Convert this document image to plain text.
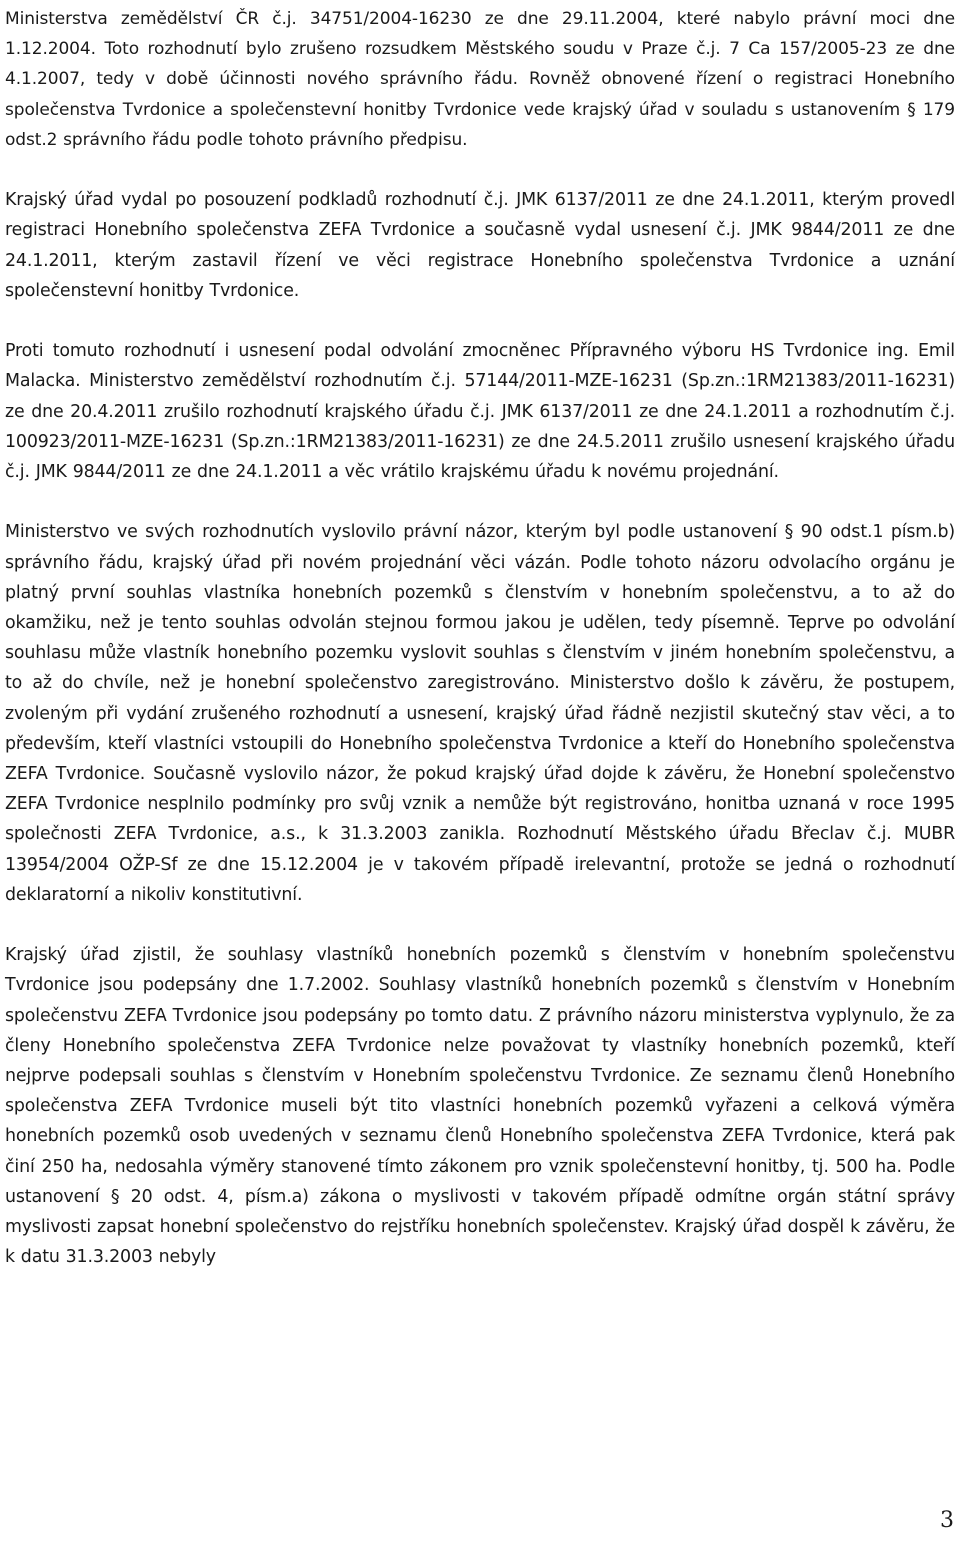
Ministerstva zemědělství ČR č.j. 34751/2004-16230 ze dne 29.11.2004, které nabylo právní moci dne 1.12.2004. Toto rozhodnutí bylo zrušeno rozsudkem Městského soudu v Praze č.j. 7 Ca 157/2005-23 ze dne 4.1.2007, tedy v době účinnosti nového správního řádu. Rovněž obnovené řízení o registraci Honebního společenstva Tvrdonice a společenstevní honitby Tvrdonice vede krajský úřad v souladu s ustanovením § 179 odst.2 správního řádu podle tohoto právního předpisu.

Krajský úřad vydal po posouzení podkladů rozhodnutí č.j. JMK 6137/2011 ze dne 24.1.2011, kterým provedl registraci Honebního společenstva ZEFA Tvrdonice a současně vydal usnesení č.j. JMK 9844/2011 ze dne 24.1.2011, kterým zastavil řízení ve věci registrace Honebního společenstva Tvrdonice a uznání společenstevní honitby Tvrdonice.

Proti tomuto rozhodnutí i usnesení podal odvolání zmocněnec Přípravného výboru HS Tvrdonice ing. Emil Malacka. Ministerstvo zemědělství rozhodnutím č.j. 57144/2011-MZE-16231 (Sp.zn.:1RM21383/2011-16231) ze dne 20.4.2011 zrušilo rozhodnutí krajského úřadu č.j. JMK 6137/2011 ze dne 24.1.2011 a rozhodnutím č.j. 100923/2011-MZE-16231 (Sp.zn.:1RM21383/2011-16231) ze dne 24.5.2011 zrušilo usnesení krajského úřadu č.j. JMK 9844/2011 ze dne 24.1.2011 a věc vrátilo krajskému úřadu k novému projednání.

Ministerstvo ve svých rozhodnutích vyslovilo právní názor, kterým byl podle ustanovení § 90 odst.1 písm.b) správního řádu, krajský úřad při novém projednání věci vázán. Podle tohoto názoru odvolacího orgánu je platný první souhlas vlastníka honebních pozemků s členstvím v honebním společenstvu, a to až do okamžiku, než je tento souhlas odvolán stejnou formou jakou je udělen, tedy písemně. Teprve po odvolání souhlasu může vlastník honebního pozemku vyslovit souhlas s členstvím v jiném honebním společenstvu, a to až do chvíle, než je honební společenstvo zaregistrováno. Ministerstvo došlo k závěru, že postupem, zvoleným při vydání zrušeného rozhodnutí a usnesení, krajský úřad řádně nezjistil skutečný stav věci, a to především, kteří vlastníci vstoupili do Honebního společenstva Tvrdonice a kteří do Honebního společenstva ZEFA Tvrdonice. Současně vyslovilo názor, že pokud krajský úřad dojde k závěru, že Honební společenstvo ZEFA Tvrdonice nesplnilo podmínky pro svůj vznik a nemůže být registrováno, honitba uznaná v roce 1995 společnosti ZEFA Tvrdonice, a.s., k 31.3.2003 zanikla. Rozhodnutí Městského úřadu Břeclav č.j. MUBR 13954/2004 OŽP-Sf ze dne 15.12.2004 je v takovém případě irelevantní, protože se jedná o rozhodnutí deklaratorní a nikoliv konstitutivní.

Krajský úřad zjistil, že souhlasy vlastníků honebních pozemků s členstvím v honebním společenstvu Tvrdonice jsou podepsány dne 1.7.2002. Souhlasy vlastníků honebních pozemků s členstvím v Honebním společenstvu ZEFA Tvrdonice jsou podepsány po tomto datu. Z právního názoru ministerstva vyplynulo, že za členy Honebního společenstva ZEFA Tvrdonice nelze považovat ty vlastníky honebních pozemků, kteří nejprve podepsali souhlas s členstvím v Honebním společenstvu Tvrdonice. Ze seznamu členů Honebního společenstva ZEFA Tvrdonice museli být tito vlastníci honebních pozemků vyřazeni a celková výměra honebních pozemků osob uvedených v seznamu členů Honebního společenstva ZEFA Tvrdonice, která pak činí 250 ha, nedosahla výměry stanovené tímto zákonem pro vznik společenstevní honitby, tj. 500 ha. Podle ustanovení § 20 odst. 4, písm.a) zákona o myslivosti v takovém případě odmítne orgán státní správy myslivosti zapsat honební společenstvo do rejstříku honebních společenstev. Krajský úřad dospěl k závěru, že k datu 31.3.2003 nebyly

3
